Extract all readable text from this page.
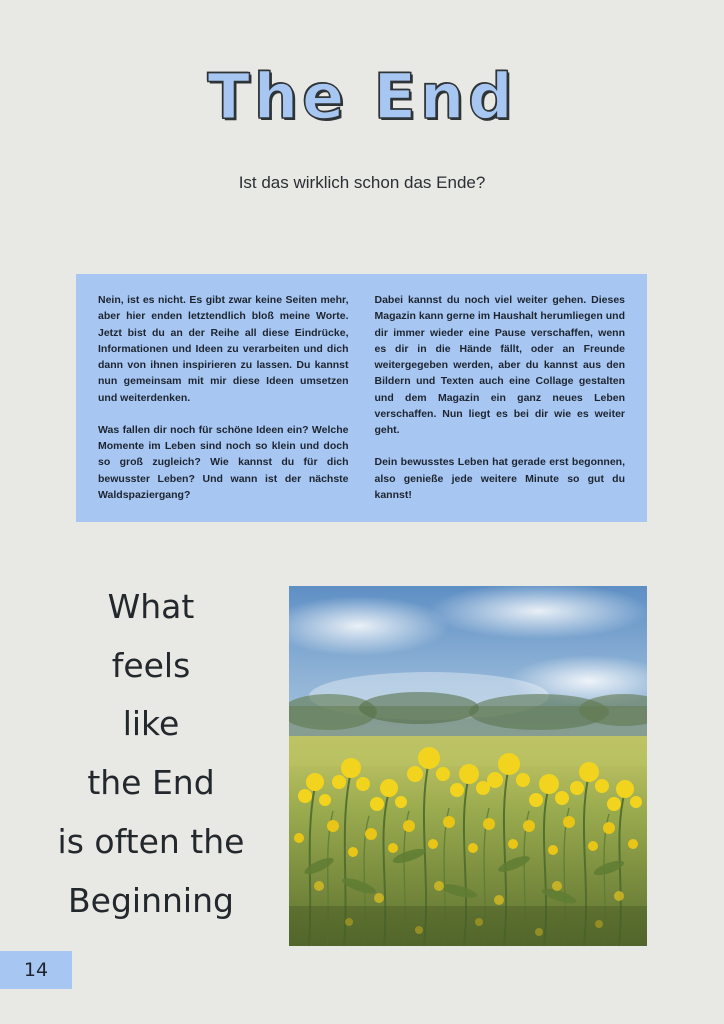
The End
Ist das wirklich schon das Ende?

Nein, ist es nicht. Es gibt zwar keine Seiten mehr, aber hier enden letztendlich bloß meine Worte. Jetzt bist du an der Reihe all diese Eindrücke, Informationen und Ideen zu verarbeiten und dich dann von ihnen inspirieren zu lassen. Du kannst nun gemeinsam mit mir diese Ideen umsetzen und weiterdenken.

Was fallen dir noch für schöne Ideen ein? Welche Momente im Leben sind noch so klein und doch so groß zugleich? Wie kannst du für dich bewusster Leben? Und wann ist der nächste Waldspaziergang?

Dabei kannst du noch viel weiter gehen. Dieses Magazin kann gerne im Haushalt herumliegen und dir immer wieder eine Pause verschaffen, wenn es dir in die Hände fällt, oder an Freunde weitergegeben werden, aber du kannst aus den Bildern und Texten auch eine Collage gestalten und dem Magazin ein ganz neues Leben verschaffen. Nun liegt es bei dir wie es weiter geht.

Dein bewusstes Leben hat gerade erst begonnen, also genieße jede weitere Minute so gut du kannst!

What
feels
like
the End
is often the
Beginning
14
